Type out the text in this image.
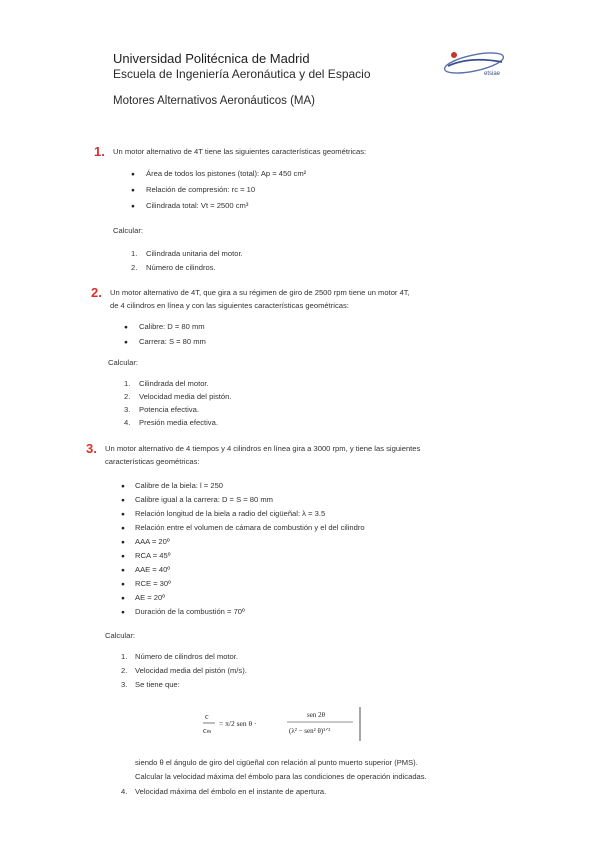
Universidad Politécnica de Madrid
Escuela de Ingeniería Aeronáutica y del Espacio
Motores Alternativos Aeronáuticos (MA)
etsiae
1. Un motor alternativo de 4T tiene las siguientes características geométricas:
● Área de todos los pistones (total): Ap = 450 cm²
● Relación de compresión: rc = 10
● Cilindrada total: Vt = 2500 cm³
Calcular:
1. Cilindrada unitaria del motor.
2. Número de cilindros.
2. Un motor alternativo de 4T, que gira a su régimen de giro de 2500 rpm tiene un motor 4T,
de 4 cilindros en línea y con las siguientes características geométricas:
● Calibre: D = 80 mm
● Carrera: S = 80 mm
Calcular:
1. Cilindrada del motor.
2. Velocidad media del pistón.
3. Potencia efectiva.
4. Presión media efectiva.
3. Un motor alternativo de 4 tiempos y 4 cilindros en línea gira a 3000 rpm, y tiene las siguientes
características geométricas:
● Calibre de la biela: l = 250
● Calibre igual a la carrera: D = S = 80 mm
● Relación longitud de la biela a radio del cigüeñal: λ = 3.5
● Relación entre el volumen de cámara de combustión y el del cilindro
● AAA = 20º
● RCA = 45º
● AAE = 40º
● RCE = 30º
● AE = 20º
● Duración de la combustión = 70º
Calcular:
1. Número de cilindros del motor.
2. Velocidad media del pistón (m/s).
3. Se tiene que:
c
cₘ
= π/2 sen θ ·
sen 2θ
(λ² − sen² θ)¹ᐟ²
siendo θ el ángulo de giro del cigüeñal con relación al punto muerto superior (PMS).
Calcular la velocidad máxima del émbolo para las condiciones de operación indicadas.
4. Velocidad máxima del émbolo en el instante de apertura.
